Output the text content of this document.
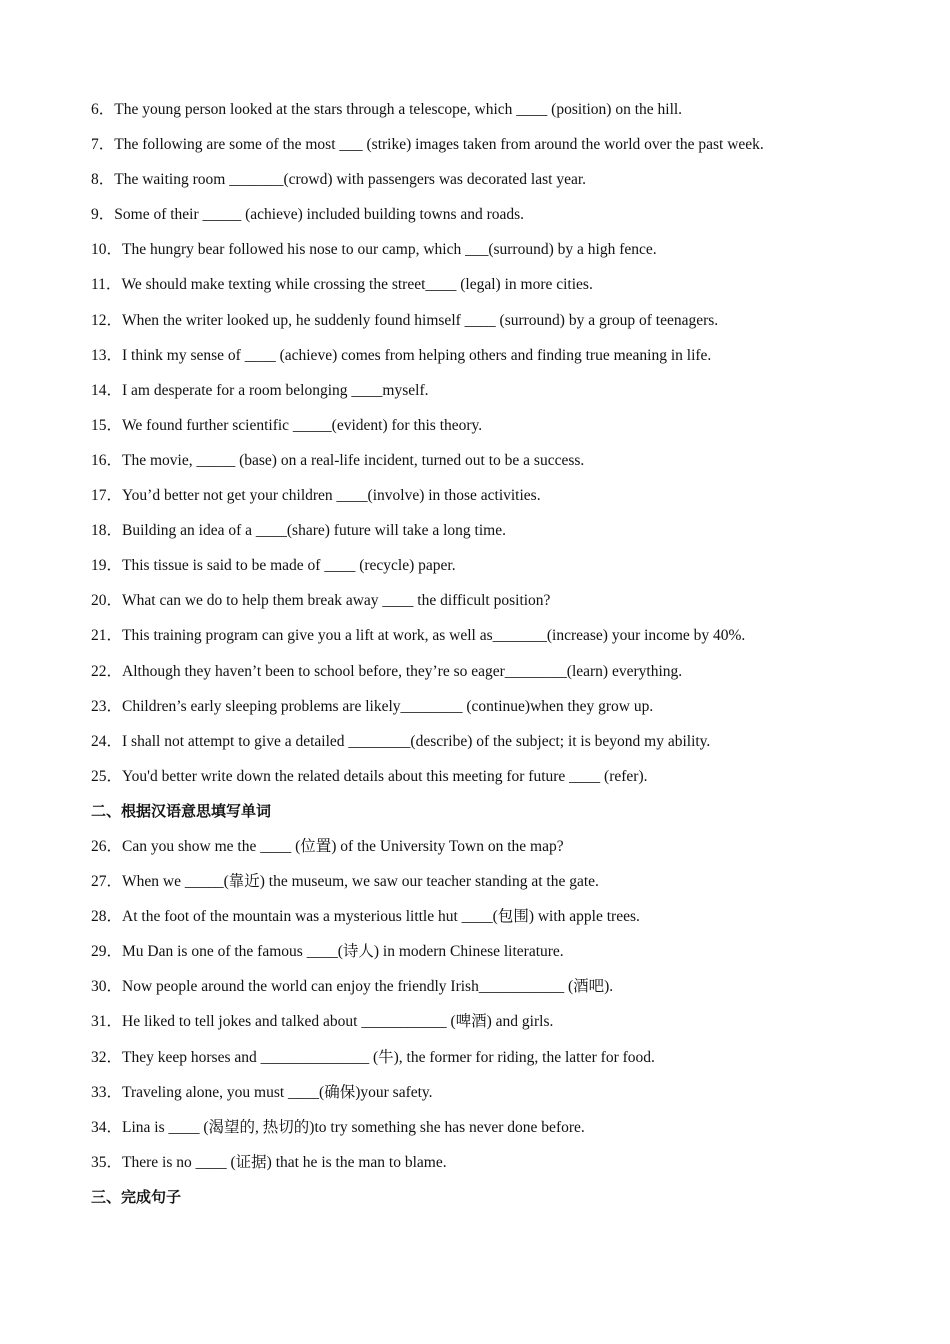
6．The young person looked at the stars through a telescope, which ____ (position) on the hill.
7．The following are some of the most ___ (strike) images taken from around the world over the past week.
8．The waiting room _______(crowd) with passengers was decorated last year.
9．Some of their _____ (achieve) included building towns and roads.
10．The hungry bear followed his nose to our camp, which ___(surround) by a high fence.
11．We should make texting while crossing the street____ (legal) in more cities.
12．When the writer looked up, he suddenly found himself ____ (surround) by a group of teenagers.
13．I think my sense of ____ (achieve) comes from helping others and finding true meaning in life.
14．I am desperate for a room belonging ____myself.
15．We found further scientific _____(evident) for this theory.
16．The movie, _____ (base) on a real-life incident, turned out to be a success.
17．You’d better not get your children ____(involve) in those activities.
18．Building an idea of a ____(share) future will take a long time.
19．This tissue is said to be made of ____ (recycle) paper.
20．What can we do to help them break away ____ the difficult position?
21．This training program can give you a lift at work, as well as_______(increase) your income by 40%.
22．Although they haven’t been to school before, they’re so eager________(learn) everything.
23．Children’s early sleeping problems are likely________ (continue)when they grow up.
24．I shall not attempt to give a detailed ________(describe) of the subject; it is beyond my ability.
25．You'd better write down the related details about this meeting for future ____ (refer).
二、根据汉语意思填写单词
26．Can you show me the ____ (位置) of the University Town on the map?
27．When we _____(靠近) the museum, we saw our teacher standing at the gate.
28．At the foot of the mountain was a mysterious little hut ____(包围) with apple trees.
29．Mu Dan is one of the famous ____(诗人) in modern Chinese literature.
30．Now people around the world can enjoy the friendly Irish___________ (酒吧).
31．He liked to tell jokes and talked about ___________ (啤酒) and girls.
32．They keep horses and ______________ (牛), the former for riding, the latter for food.
33．Traveling alone, you must ____(确保)your safety.
34．Lina is ____ (渴望的, 热切的)to try something she has never done before.
35．There is no ____ (证据) that he is the man to blame.
三、完成句子
